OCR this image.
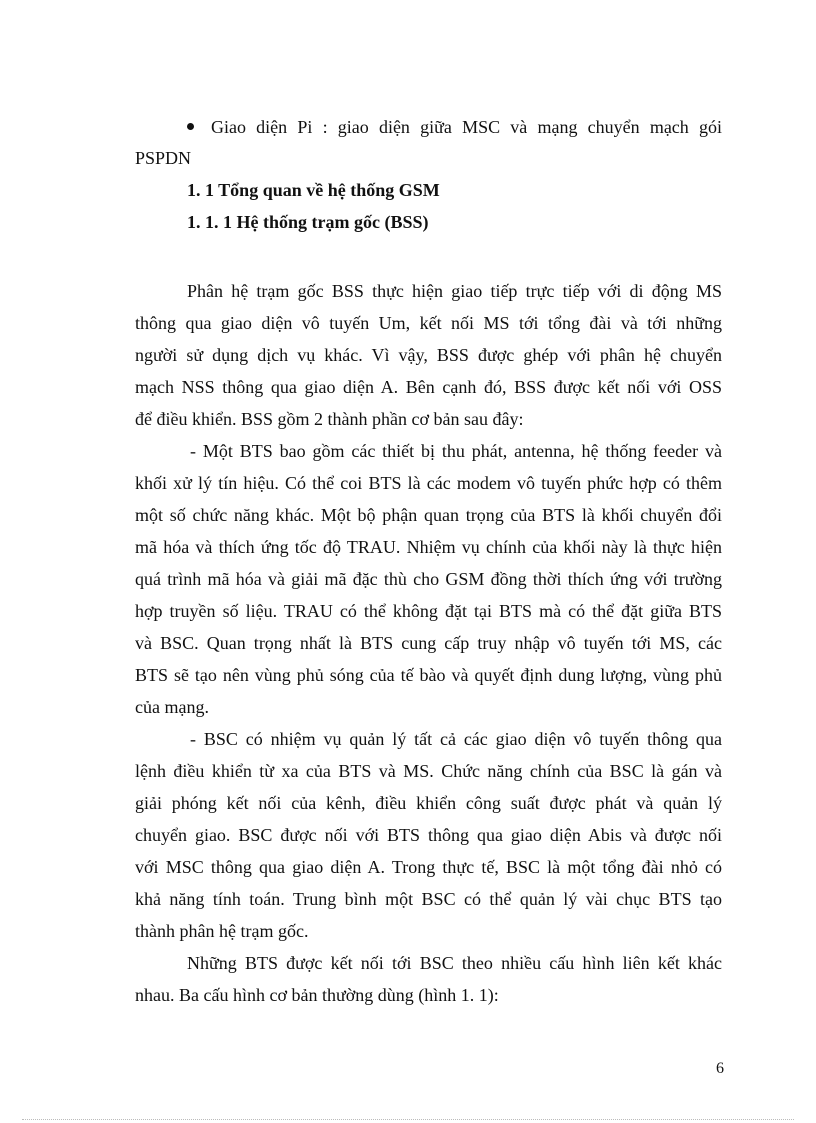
Giao diện Pi : giao diện giữa MSC và mạng chuyển mạch gói
PSPDN
1. 1 Tổng quan về hệ thống GSM
1. 1. 1 Hệ thống trạm gốc (BSS)
Phân hệ trạm gốc BSS thực hiện giao tiếp trực tiếp với di động MS
thông qua giao diện vô tuyến Um, kết nối MS tới tổng đài và tới những
người sử dụng dịch vụ khác. Vì vậy, BSS được ghép với phân hệ chuyển
mạch NSS thông qua giao diện A. Bên cạnh đó, BSS được kết nối với OSS
để điều khiển. BSS gồm 2 thành phần cơ bản sau đây:
- Một BTS bao gồm các thiết bị thu phát, antenna, hệ thống feeder và
khối xử lý tín hiệu. Có thể coi BTS là các modem vô tuyến phức hợp có thêm
một số chức năng khác. Một bộ phận quan trọng của BTS là khối chuyển đổi
mã hóa và thích ứng tốc độ TRAU. Nhiệm vụ chính của khối này là thực hiện
quá trình mã hóa và giải mã đặc thù cho GSM đồng thời thích ứng với trường
hợp truyền số liệu. TRAU có thể không đặt tại BTS mà có thể đặt giữa BTS
và BSC. Quan trọng nhất là BTS cung cấp truy nhập vô tuyến tới MS, các
BTS sẽ tạo nên vùng phủ sóng của tế bào và quyết định dung lượng, vùng phủ
của mạng.
- BSC có nhiệm vụ quản lý tất cả các giao diện vô tuyến thông qua
lệnh điều khiển từ xa của BTS và MS. Chức năng chính của BSC là gán và
giải phóng kết nối của kênh, điều khiển công suất được phát và quản lý
chuyển giao. BSC được nối với BTS thông qua giao diện Abis và được nối
với MSC thông qua giao diện A. Trong thực tế, BSC là một tổng đài nhỏ có
khả năng tính toán. Trung bình một BSC có thể quản lý vài chục BTS tạo
thành phân hệ trạm gốc.
Những BTS được kết nối tới BSC theo nhiều cấu hình liên kết khác
nhau. Ba cấu hình cơ bản thường dùng (hình 1. 1):
6
